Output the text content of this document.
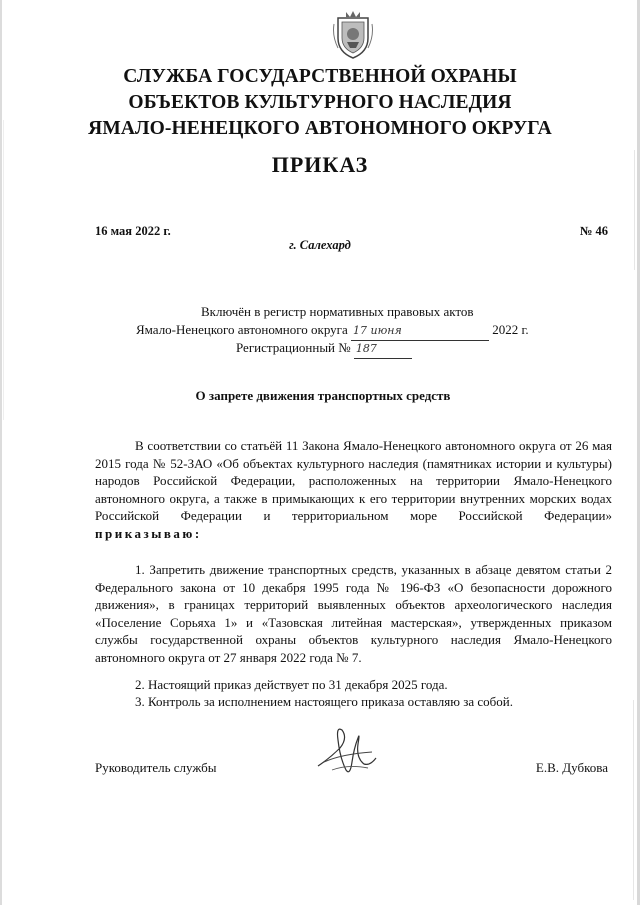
СЛУЖБА ГОСУДАРСТВЕННОЙ ОХРАНЫ
ОБЪЕКТОВ КУЛЬТУРНОГО НАСЛЕДИЯ
ЯМАЛО-НЕНЕЦКОГО АВТОНОМНОГО ОКРУГА
ПРИКАЗ
16 мая 2022 г.	№ 46
г. Салехард
Включён в регистр нормативных правовых актов
Ямало-Ненецкого автономного округа 17 июня	2022 г.
Регистрационный № 187
О запрете движения транспортных средств

В соответствии со статьёй 11 Закона Ямало-Ненецкого автономного округа от 26 мая 2015 года № 52-ЗАО «Об объектах культурного наследия (памятниках истории и культуры) народов Российской Федерации, расположенных на территории Ямало-Ненецкого автономного округа, а также в примыкающих к его территории внутренних морских водах Российской Федерации и территориальном море Российской Федерации» приказываю:

1. Запретить движение транспортных средств, указанных в абзаце девятом статьи 2 Федерального закона от 10 декабря 1995 года № 196-ФЗ «О безопасности дорожного движения», в границах территорий выявленных объектов археологического наследия «Поселение Сорьяха 1» и «Тазовская литейная мастерская», утвержденных приказом службы государственной охраны объектов культурного наследия Ямало-Ненецкого автономного округа от 27 января 2022 года № 7.

2. Настоящий приказ действует по 31 декабря 2025 года.

3. Контроль за исполнением настоящего приказа оставляю за собой.

Руководитель службы	Е.В. Дубкова
